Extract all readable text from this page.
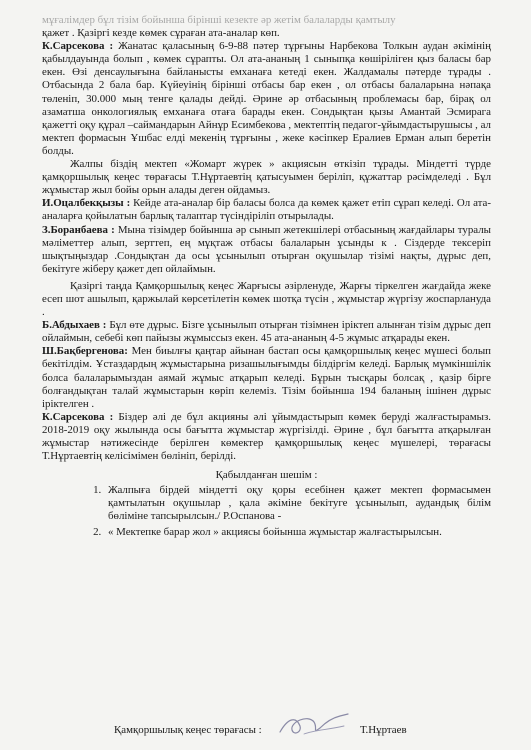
мұғалімдер бұл тізім бойынша бірінші кезекте әр жетім балаларды қамтылу

қажет . Қазіргі кезде көмек сұраған ата-аналар көп.

К.Сарсекова : Жанатас қаласының 6-9-88 пәтер тұрғыны Нарбекова Толкын аудан әкімінің қабылдауында болып , көмек сұрапты. Ол ата-ананың 1 сыныпқа көшіріліген қыз баласы бар екен. Өзі денсаулығына байланысты емханаға кетеді екен. Жалдамалы пәтерде тұрады . Отбасында 2 бала бар. Күйеуінің бірінші отбасы бар екен , ол отбасы балаларына нәпақа төленіп, 30.000 мың тенге қалады дейді. Әрине әр отбасының проблемасы бар, бірақ ол азаматша онкологиялық емханаға отаға барады екен. Сондықтан қызы Амантай Эсмирага қажетті оқу құрал –саймандарын Айнұр Есимбекова , мектептің педагог-ұйымдастырушысы , ал мектеп формасын Ұшбас елді мекенің тұрғыны , жеке кәсіпкер Ералиев Ерман алып беретін болды.

Жалпы біздің мектеп «Жомарт жүрек » акциясын өткізіп тұрады. Міндетті түрде қамқоршылық кеңес төрағасы Т.Нұртаевтің қатысуымен беріліп, құжаттар рәсімделеді . Бұл жұмыстар жыл бойы орын алады деген ойдамыз.

И.Оцалбекқызы : Кейде ата-аналар бір баласы болса да көмек қажет етіп сұрап келеді. Ол ата-аналарға қойылатын барлық талаптар түсіндіріліп отырылады.

З.Боранбаева : Мына тізімдер бойынша әр сынып жетекшілері отбасының жағдайлары туралы мәліметтер алып, зерттеп, ең мұқтаж отбасы балаларын ұсынды к . Сіздерде тексеріп шықтыңыздар .Сондықтан да осы ұсынылып отырған оқушылар тізімі нақты, дұрыс деп, бекітуге жіберу қажет деп ойлаймын.

Қазіргі таңда Қамқоршылық кеңес Жарғысы әзірленуде, Жарғы тіркелген жағдайда жеке есеп шот ашылып, қаржылай көрсетілетін көмек шотқа түсін , жұмыстар жүргізу жоспарлануда .

Б.Абдыхаев : Бұл өте дұрыс. Бізге ұсынылып отырған тізімнен іріктеп алынған тізім дұрыс деп ойлаймын, себебі көп пайызы жұмыссыз екен. 45 ата-ананың 4-5 жұмыс атқарады екен.

Ш.Бақбергенова: Мен биылғы қаңтар айынан бастап осы қамқоршылық кеңес мүшесі болып бекітілдім. Ұстаздардың жұмыстарына ризашылығымды білдіргім келеді. Барлық мүмкіншілік болса балаларымыздан аямай жұмыс атқарып келеді. Бұрын тысқары болсақ , қазір бірге болғандықтан талай жұмыстарын көріп келеміз. Тізім бойынша 194 баланың ішінен дұрыс іріктелген .

К.Сарсекова : Біздер әлі де бұл акцияны әлі ұйымдастырып көмек беруді жалғастырамыз. 2018-2019 оқу жылында осы бағытта жұмыстар жүргізілді. Әрине , бұл бағытта атқарылған жұмыстар нәтижесінде берілген көмектер қамқоршылық кеңес мүшелері, төрағасы Т.Нұртаевтің келісімімен бөлініп, берілді.

Қабылданған шешім :

1. Жалпыға бірдей міндетті оқу қоры есебінен қажет мектеп формасымен қамтылатын оқушылар , қала әкіміне бекітуге ұсынылып, аудандық білім бөліміне тапсырылсын./ Р.Оспанова -
2. « Мектепке барар жол » акциясы бойынша жұмыстар жалғастырылсын.
Қамқоршылық кеңес төрағасы :	Т.Нұртаев
